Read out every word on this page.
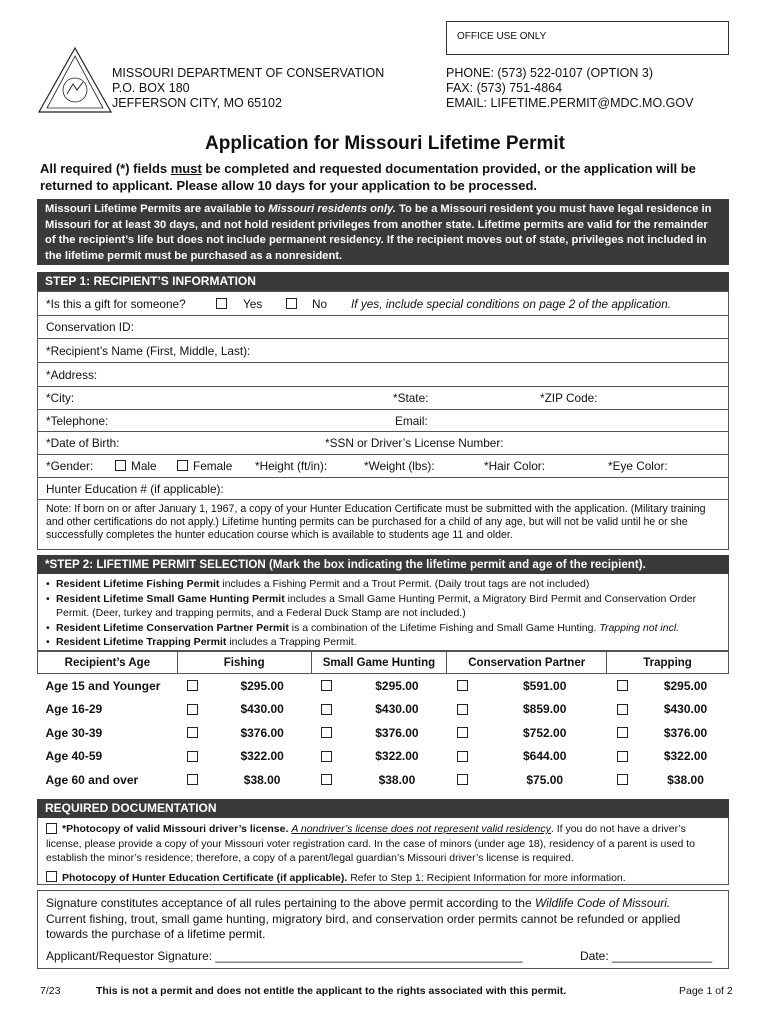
OFFICE USE ONLY
MISSOURI DEPARTMENT OF CONSERVATION
P.O. BOX 180
JEFFERSON CITY, MO 65102
PHONE: (573) 522-0107 (OPTION 3)
FAX: (573) 751-4864
EMAIL: LIFETIME.PERMIT@MDC.MO.GOV
Application for Missouri Lifetime Permit
All required (*) fields must be completed and requested documentation provided, or the application will be returned to applicant. Please allow 10 days for your application to be processed.
Missouri Lifetime Permits are available to Missouri residents only. To be a Missouri resident you must have legal residence in Missouri for at least 30 days, and not hold resident privileges from another state. Lifetime permits are valid for the remainder of the recipient’s life but does not include permanent residency. If the recipient moves out of state, privileges not included in the lifetime permit must be purchased as a nonresident.
STEP 1: RECIPIENT’S INFORMATION
*Is this a gift for someone?	Yes	No If yes, include special conditions on page 2 of the application.
Conservation ID:
*Recipient’s Name (First, Middle, Last):
*Address:
*City:	*State:	*ZIP Code:
*Telephone:	Email:
*Date of Birth:	*SSN or Driver’s License Number:
*Gender:	Male	Female *Height (ft/in):	*Weight (lbs):	*Hair Color:	*Eye Color:
Hunter Education # (if applicable):
Note: If born on or after January 1, 1967, a copy of your Hunter Education Certificate must be submitted with the application. (Military training and other certifications do not apply.) Lifetime hunting permits can be purchased for a child of any age, but will not be valid until he or she successfully completes the hunter education course which is available to students age 11 and older.
*STEP 2: LIFETIME PERMIT SELECTION (Mark the box indicating the lifetime permit and age of the recipient).
• Resident Lifetime Fishing Permit includes a Fishing Permit and a Trout Permit. (Daily trout tags are not included)
• Resident Lifetime Small Game Hunting Permit includes a Small Game Hunting Permit, a Migratory Bird Permit and Conservation Order Permit. (Deer, turkey and trapping permits, and a Federal Duck Stamp are not included.)
• Resident Lifetime Conservation Partner Permit is a combination of the Lifetime Fishing and Small Game Hunting. Trapping not incl.
• Resident Lifetime Trapping Permit includes a Trapping Permit.
Recipient’s Age	Fishing		Small Game Hunting		Conservation Partner		Trapping	
Age 15 and Younger		$295.00		$295.00		$591.00		$295.00
Age 16-29		$430.00		$430.00		$859.00		$430.00
Age 30-39		$376.00		$376.00		$752.00		$376.00
Age 40-59		$322.00		$322.00		$644.00		$322.00
Age 60 and over		$38.00		$38.00		$75.00		$38.00
REQUIRED DOCUMENTATION
*Photocopy of valid Missouri driver’s license. A nondriver’s license does not represent valid residency. If you do not have a driver’s license, please provide a copy of your Missouri voter registration card. In the case of minors (under age 18), residency of a parent is used to establish the minor’s residence; therefore, a copy of a parent/legal guardian’s Missouri driver’s license is required.
Photocopy of Hunter Education Certificate (if applicable). Refer to Step 1: Recipient Information for more information.
Signature constitutes acceptance of all rules pertaining to the above permit according to the Wildlife Code of Missouri.
Current fishing, trout, small game hunting, migratory bird, and conservation order permits cannot be refunded or applied towards the purchase of a lifetime permit.
Applicant/Requestor Signature: ______________________________________________	Date: _______________
7/23	This is not a permit and does not entitle the applicant to the rights associated with this permit.	Page 1 of 2
